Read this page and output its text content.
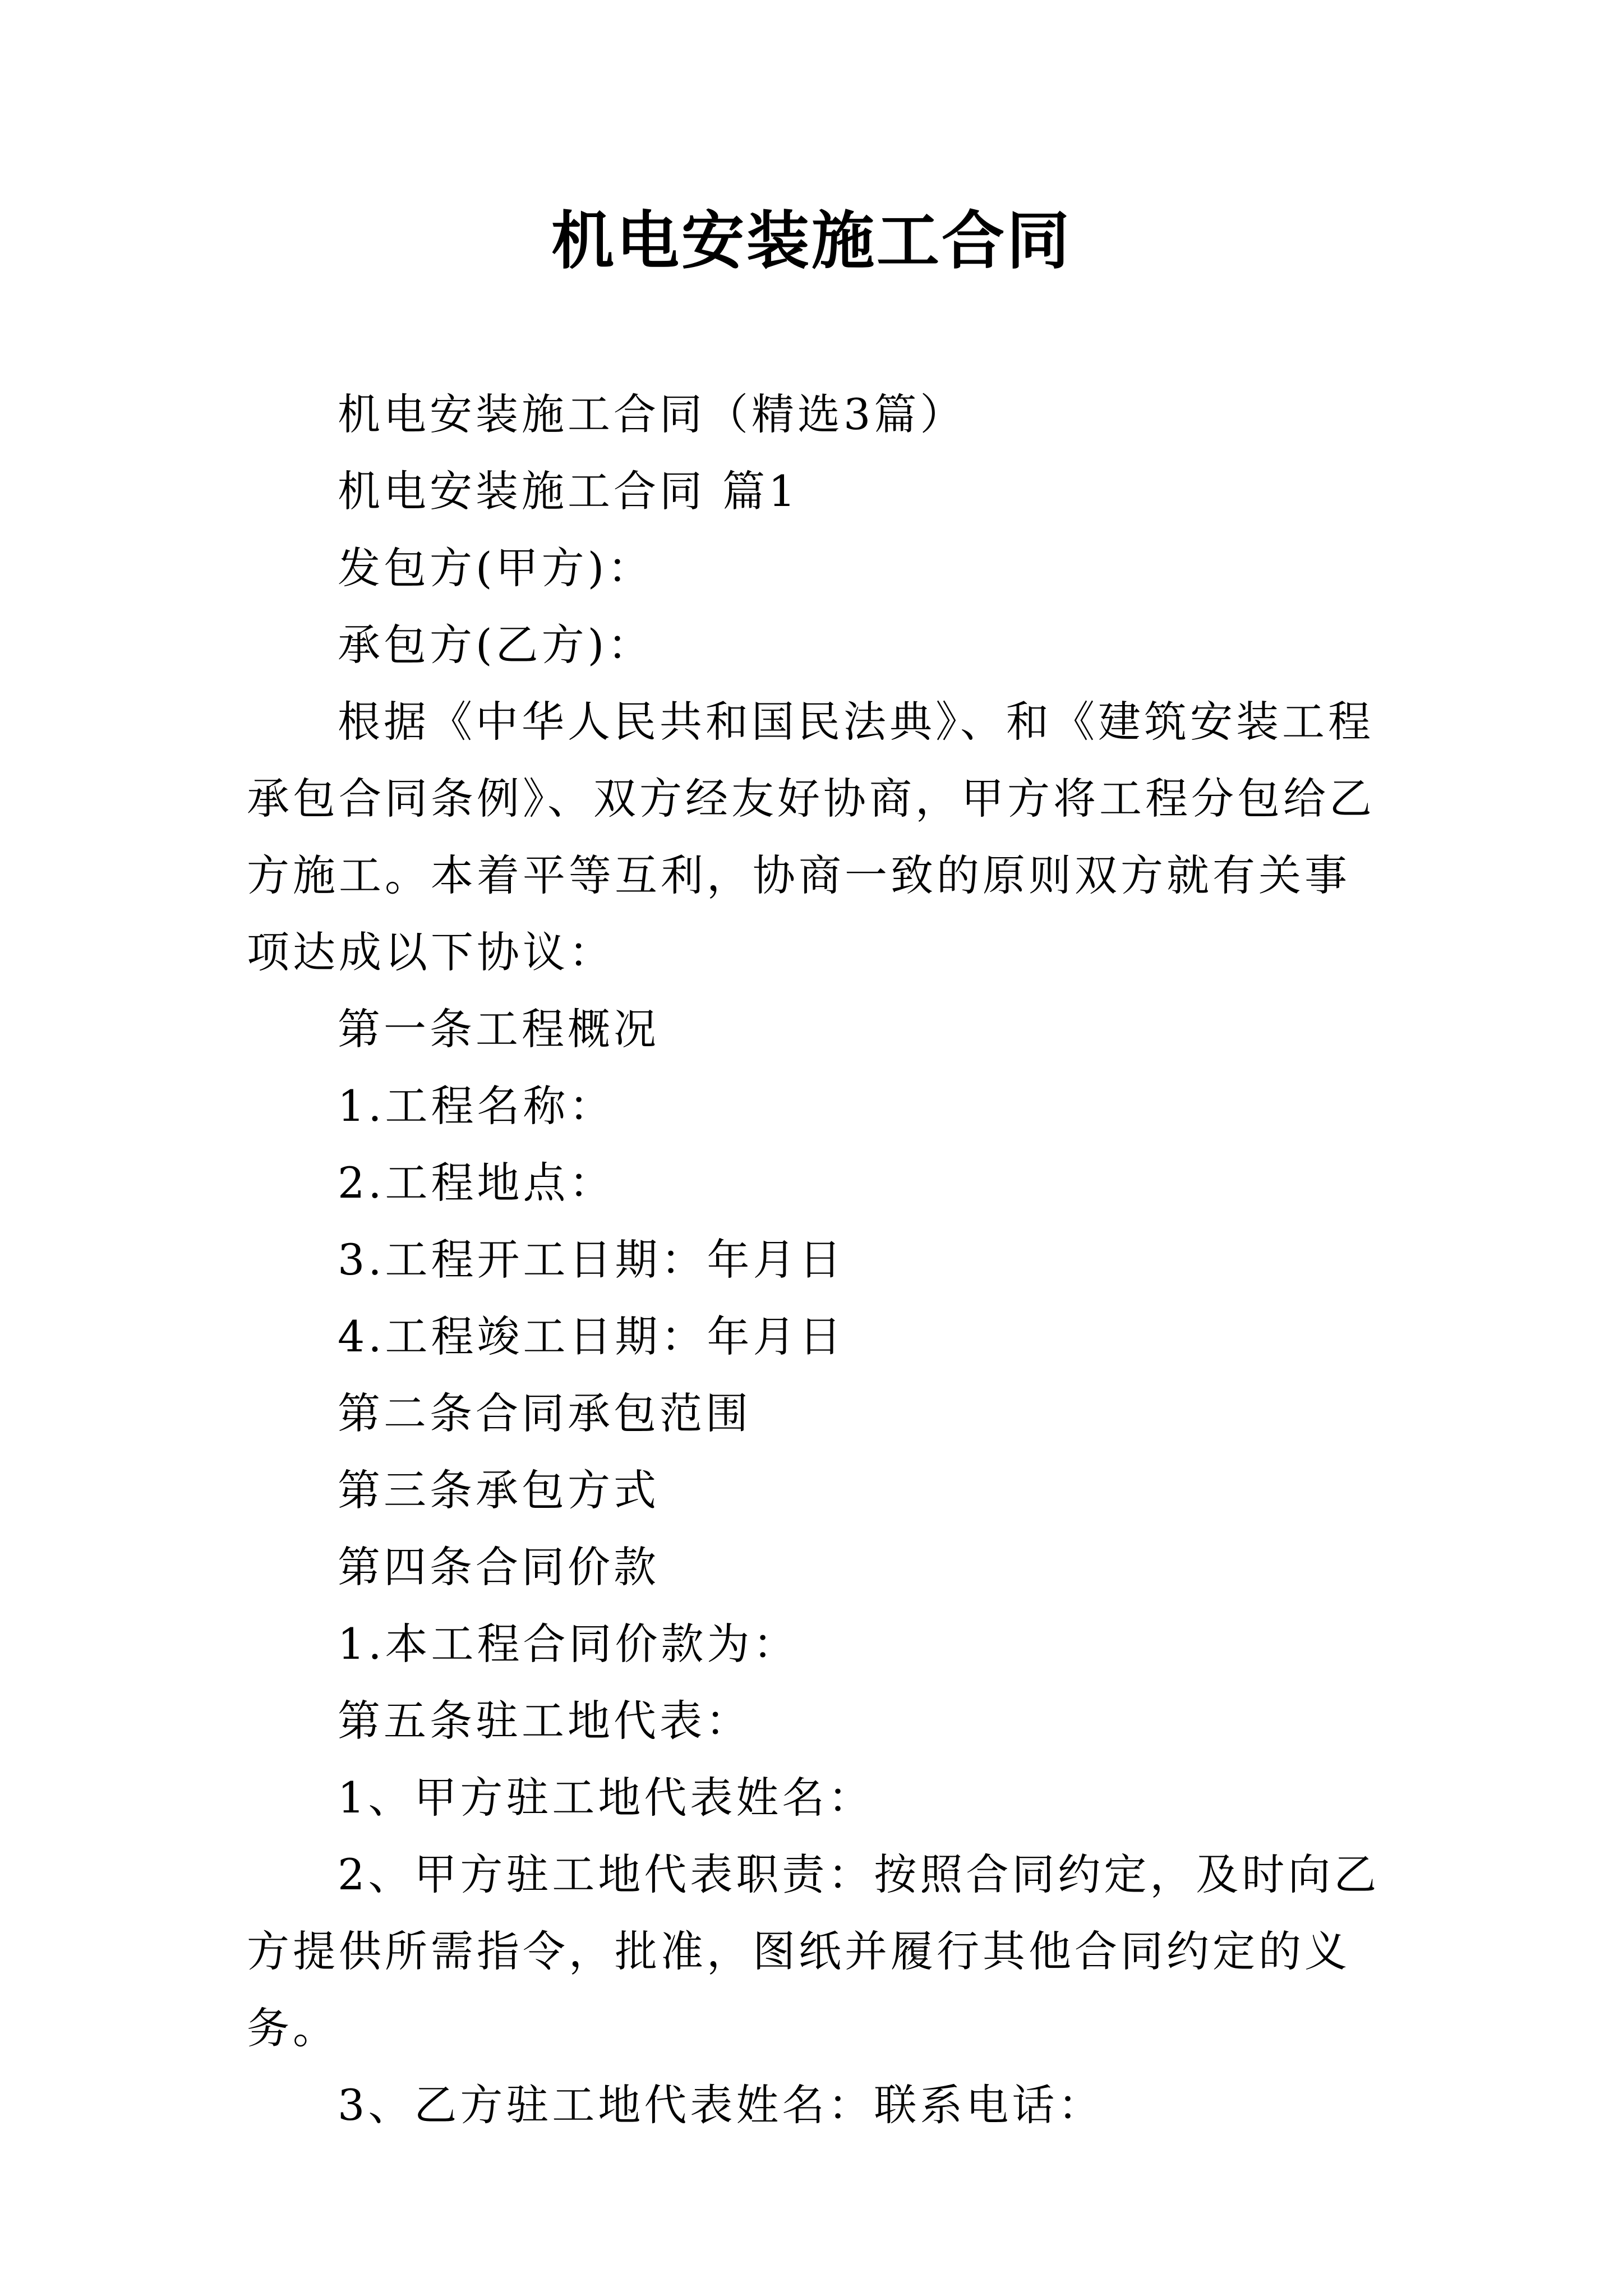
机电安装施工合同

机电安装施工合同（精选3篇）

机电安装施工合同 篇1

发包方(甲方)：

承包方(乙方)：

根据《中华人民共和国民法典》、和《建筑安装工程承包合同条例》、双方经友好协商，甲方将工程分包给乙方施工。本着平等互利，协商一致的原则双方就有关事项达成以下协议：

第一条工程概况

1.工程名称：

2.工程地点：

3.工程开工日期：年月日

4.工程竣工日期：年月日

第二条合同承包范围

第三条承包方式

第四条合同价款

1.本工程合同价款为：

第五条驻工地代表：

1、甲方驻工地代表姓名：

2、甲方驻工地代表职责：按照合同约定，及时向乙方提供所需指令，批准，图纸并履行其他合同约定的义务。

3、乙方驻工地代表姓名：联系电话：
